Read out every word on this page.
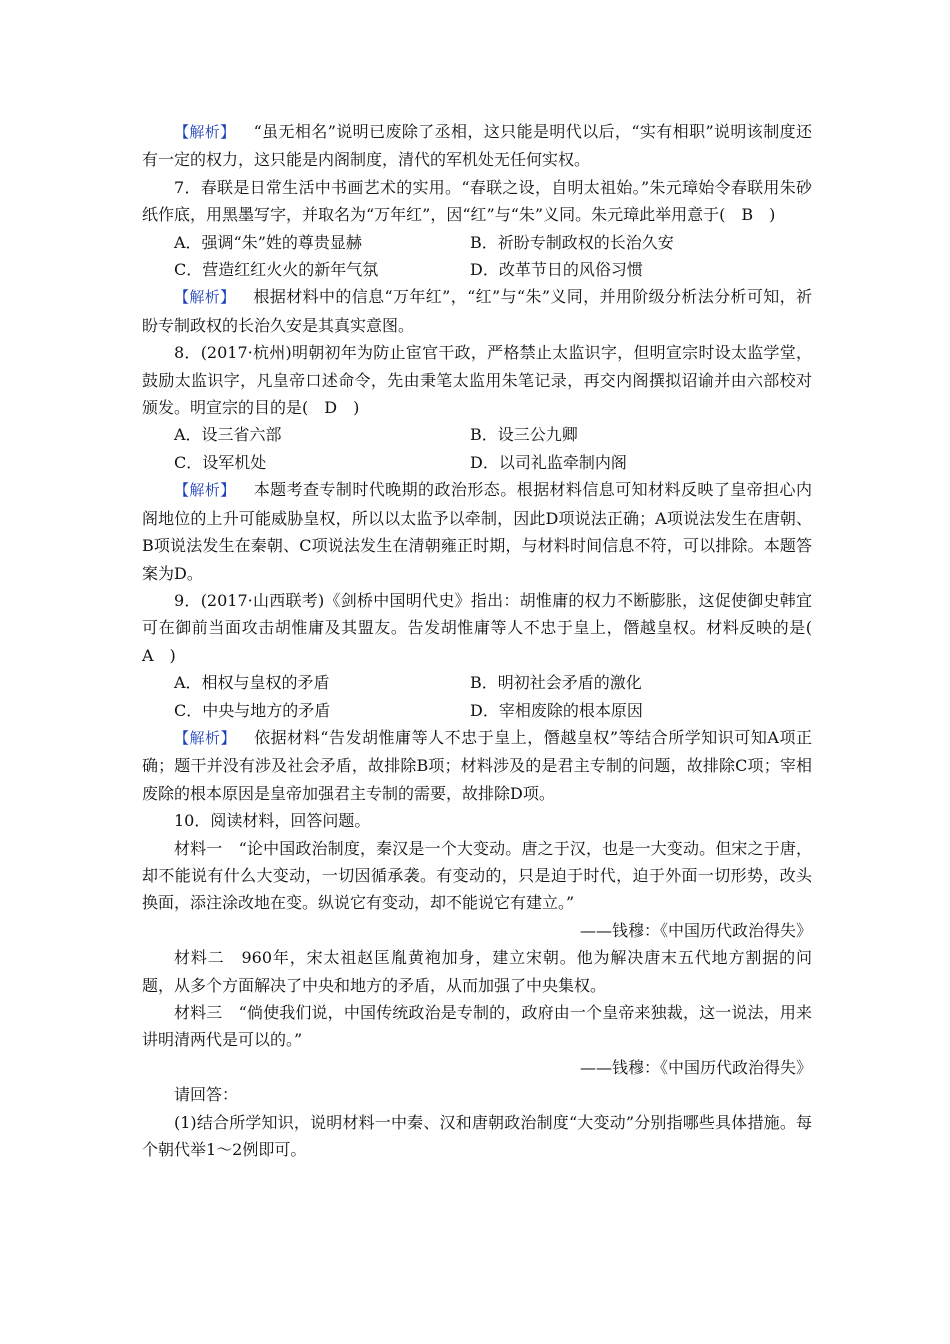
【解析】 “虽无相名”说明已废除了丞相，这只能是明代以后，“实有相职”说明该制度还有一定的权力，这只能是内阁制度，清代的军机处无任何实权。

7．春联是日常生活中书画艺术的实用。“春联之设，自明太祖始。”朱元璋始令春联用朱砂纸作底，用黑墨写字，并取名为“万年红”，因“红”与“朱”义同。朱元璋此举用意于(　B　)

A．强调“朱”姓的尊贵显赫	B．祈盼专制政权的长治久安
C．营造红红火火的新年气氛	D．改革节日的风俗习惯

【解析】 根据材料中的信息“万年红”，“红”与“朱”义同，并用阶级分析法分析可知，祈盼专制政权的长治久安是其真实意图。

8．(2017·杭州)明朝初年为防止宦官干政，严格禁止太监识字，但明宣宗时设太监学堂，鼓励太监识字，凡皇帝口述命令，先由秉笔太监用朱笔记录，再交内阁撰拟诏谕并由六部校对颁发。明宣宗的目的是(　D　)

A．设三省六部	B．设三公九卿
C．设军机处	D．以司礼监牵制内阁

【解析】 本题考查专制时代晚期的政治形态。根据材料信息可知材料反映了皇帝担心内阁地位的上升可能威胁皇权，所以以太监予以牵制，因此D项说法正确；A项说法发生在唐朝、B项说法发生在秦朝、C项说法发生在清朝雍正时期，与材料时间信息不符，可以排除。本题答案为D。

9．(2017·山西联考)《剑桥中国明代史》指出：胡惟庸的权力不断膨胀，这促使御史韩宜可在御前当面攻击胡惟庸及其盟友。告发胡惟庸等人不忠于皇上，僭越皇权。材料反映的是(　A　)

A．相权与皇权的矛盾	B．明初社会矛盾的激化
C．中央与地方的矛盾	D．宰相废除的根本原因

【解析】 依据材料“告发胡惟庸等人不忠于皇上，僭越皇权”等结合所学知识可知A项正确；题干并没有涉及社会矛盾，故排除B项；材料涉及的是君主专制的问题，故排除C项；宰相废除的根本原因是皇帝加强君主专制的需要，故排除D项。

10．阅读材料，回答问题。

材料一　“论中国政治制度，秦汉是一个大变动。唐之于汉，也是一大变动。但宋之于唐，却不能说有什么大变动，一切因循承袭。有变动的，只是迫于时代，迫于外面一切形势，改头换面，添注涂改地在变。纵说它有变动，却不能说它有建立。”

——钱穆：《中国历代政治得失》

材料二　960年，宋太祖赵匡胤黄袍加身，建立宋朝。他为解决唐末五代地方割据的问题，从多个方面解决了中央和地方的矛盾，从而加强了中央集权。

材料三　“倘使我们说，中国传统政治是专制的，政府由一个皇帝来独裁，这一说法，用来讲明清两代是可以的。”

——钱穆：《中国历代政治得失》

请回答：

(1)结合所学知识，说明材料一中秦、汉和唐朝政治制度“大变动”分别指哪些具体措施。每个朝代举1～2例即可。
